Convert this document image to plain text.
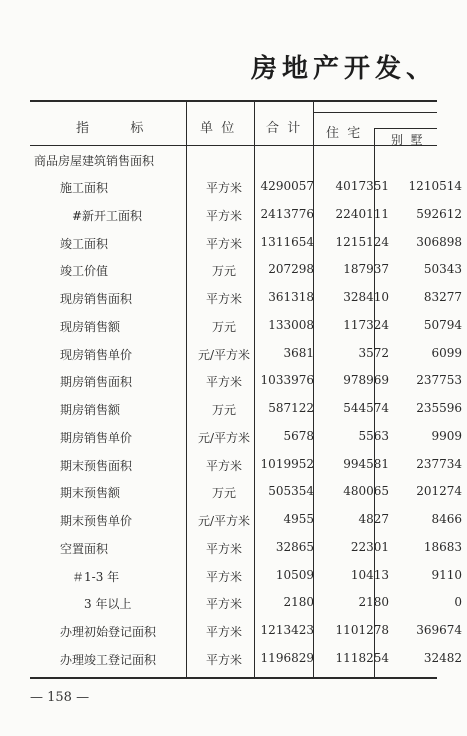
房地产开发、
指          标	单  位 合  计 住  宅	别  墅
商品房屋建筑销售面积
施工面积	平方米	4290057 4017351 1210514
#新开工面积	平方米	2413776 2240111 592612
竣工面积	平方米	1311654 1215124 306898
竣工价值	万元	207298 187937	50343
现房销售面积	平方米	361318 328410	83277
现房销售额	万元	133008 117324	50794
现房销售单价	元/平方米	3681	3572	6099
期房销售面积	平方米	1033976 978969 237753
期房销售额	万元	587122 544574 235596
期房销售单价	元/平方米	5678	5563	9909
期末预售面积	平方米	1019952 994581 237734
期末预售额	万元	505354 480065 201274
期末预售单价	元/平方米	4955	4827	8466
空置面积	平方米	32865	22301	18683
＃1-3 年	平方米	10509	10413	9110
3 年以上	平方米	2180	2180	0
办理初始登记面积	平方米	1213423 1101278 369674
办理竣工登记面积	平方米	1196829 1118254	32482
— 158 —
